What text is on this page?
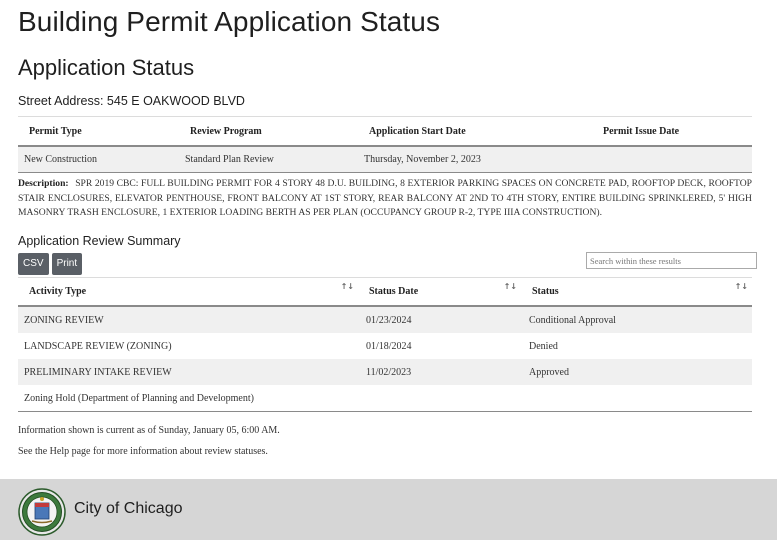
Building Permit Application Status
Application Status
Street Address: 545 E OAKWOOD BLVD
Permit Type	Review Program	Application Start Date	Permit Issue Date
New Construction	Standard Plan Review	Thursday, November 2, 2023	
Description: SPR 2019 CBC: FULL BUILDING PERMIT FOR 4 STORY 48 D.U. BUILDING, 8 EXTERIOR PARKING SPACES ON CONCRETE PAD, ROOFTOP DECK, ROOFTOP STAIR ENCLOSURES, ELEVATOR PENTHOUSE, FRONT BALCONY AT 1ST STORY, REAR BALCONY AT 2ND TO 4TH STORY, ENTIRE BUILDING SPRINKLERED, 5' HIGH MASONRY TRASH ENCLOSURE, 1 EXTERIOR LOADING BERTH AS PER PLAN (OCCUPANCY GROUP R-2, TYPE IIIA CONSTRUCTION).
Application Review Summary
CSV	Print
Search within these results
Activity Type ↑↓	Status Date ↑↓	Status ↑↓

ZONING REVIEW	01/23/2024	Conditional Approval
LANDSCAPE REVIEW (ZONING)	01/18/2024	Denied
PRELIMINARY INTAKE REVIEW	11/02/2023	Approved
Zoning Hold (Department of Planning and Development)		
Information shown is current as of Sunday, January 05, 6:00 AM.
See the Help page for more information about review statuses.
City of Chicago
